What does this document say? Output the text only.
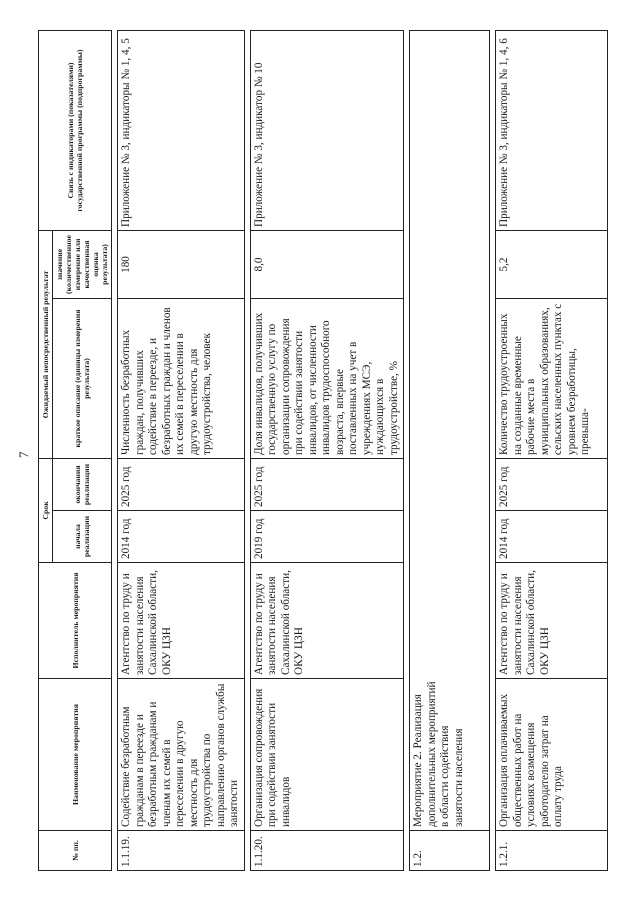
7
№ пп.	Наименование мероприятия	Исполнитель мероприятия	Срок		Ожидаемый непосредственный результат		Связь с индикаторами (показателями) государственной программы (подпрограммы)
			начала реализации	окончания реализации	краткое описание (единицы измерения результата)	значение (количественное измерение или качественная оценка результата)	

1.1.19.	Содействие безработным гражданам в переезде и безработным гражданам и членам их семей в переселении в другую местность для трудоустройства по направлению органов службы занятости	Агентство по труду и занятости населения Сахалинской области, ОКУ ЦЗН	2014 год	2025 год	Численность безработных граждан, получивших содействие в переезде, и безработных граждан и членов их семей в переселении в другую местность для трудоустройства, человек	180	Приложение № 3, индикаторы № 1, 4, 5

1.1.20.	Организация сопровождения при содействии занятости инвалидов	Агентство по труду и занятости населения Сахалинской области, ОКУ ЦЗН	2019 год	2025 год	Доля инвалидов, получивших государственную услугу по организации сопровождения при содействии занятости инвалидов, от численности инвалидов трудоспособного возраста, впервые поставленных на учет в учреждениях МСЭ, нуждающихся в трудоустройстве, %	8,0	Приложение № 3, индикатор № 10

1.2.	Мероприятие 2. Реализация дополнительных мероприятий в области содействия занятости населения						

1.2.1.	Организация оплачиваемых общественных работ на условиях возмещения работодателю затрат на оплату труда	Агентство по труду и занятости населения Сахалинской области, ОКУ ЦЗН	2014 год	2025 год	Количество трудоустроенных на созданные временные рабочие места в муниципальных образованиях, сельских населенных пунктах с уровнем безработицы, превыша-	5,2	Приложение № 3, индикаторы № 1, 4, 6
